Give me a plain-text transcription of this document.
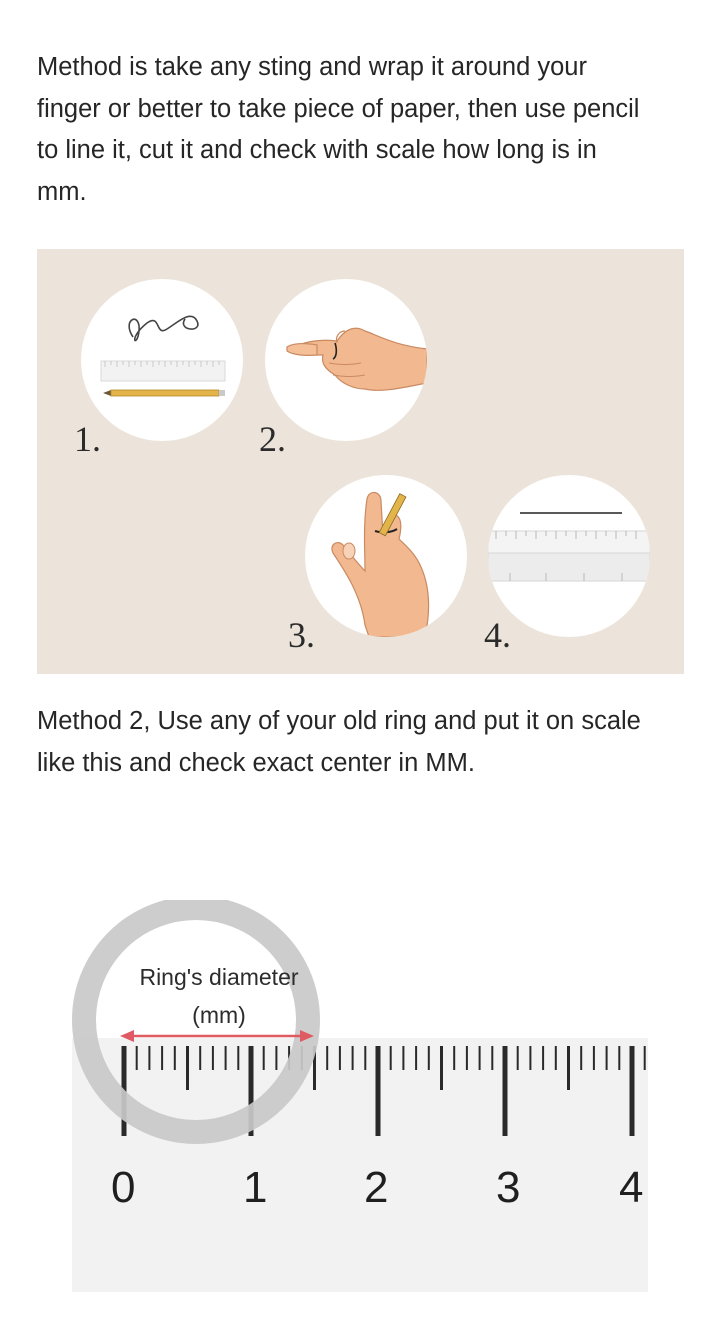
Method is take any sting and wrap it around your
finger or better to take piece of paper, then use pencil
to line it, cut it and check with scale how long is in
mm.
1.	2.
3.	4.
Method 2, Use any of your old ring and put it on scale
like this and check exact center in MM.
Ring's diameter
(mm)
0 1 2 3 4
